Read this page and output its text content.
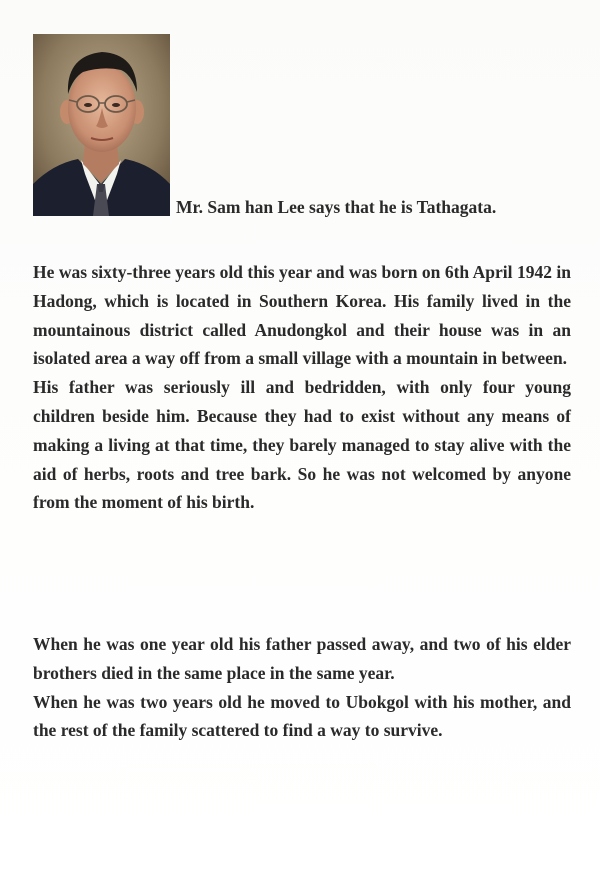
Mr. Sam han Lee says that he is Tathagata.

He was sixty-three years old this year and was born on 6th April 1942 in Hadong, which is located in Southern Korea. His family lived in the mountainous district called Anudongkol and their house was in an isolated area a way off from a small village with a mountain in between.

His father was seriously ill and bedridden, with only four young children beside him. Because they had to exist without any means of making a living at that time, they barely managed to stay alive with the aid of herbs, roots and tree bark. So he was not welcomed by anyone from the moment of his birth.

When he was one year old his father passed away, and two of his elder brothers died in the same place in the same year.

When he was two years old he moved to Ubokgol with his mother, and the rest of the family scattered to find a way to survive.
